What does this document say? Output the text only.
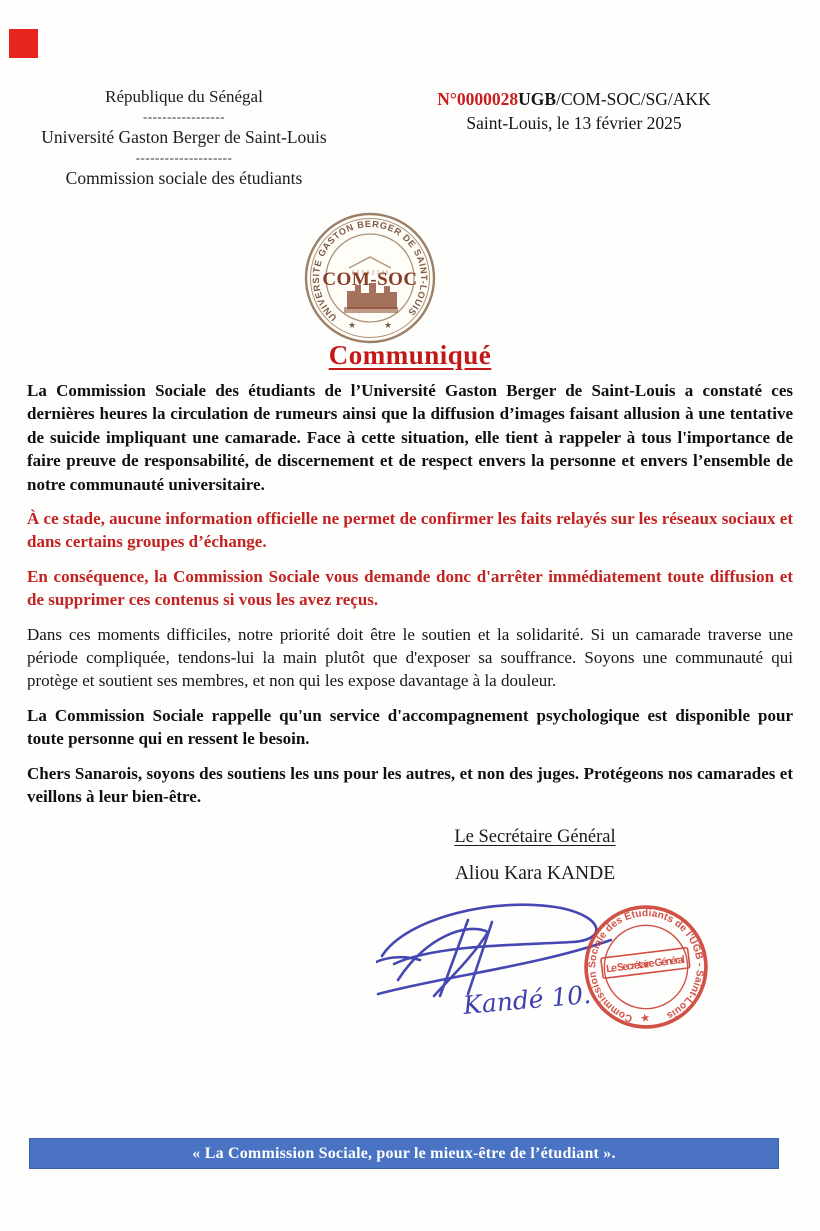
République du Sénégal
-----------------
Université Gaston Berger de Saint-Louis
--------------------
Commission sociale des étudiants
N°0000028UGB/COM-SOC/SG/AKK
Saint-Louis, le 13 février 2025
COM-SOC
UNIVERSITE GASTON BERGER DE SAINT-LOUIS
★	★
Communiqué

La Commission Sociale des étudiants de l’Université Gaston Berger de Saint-Louis a constaté ces dernières heures la circulation de rumeurs ainsi que la diffusion d’images faisant allusion à une tentative de suicide impliquant une camarade. Face à cette situation, elle tient à rappeler à tous l'importance de faire preuve de responsabilité, de discernement et de respect envers la personne et envers l’ensemble de notre communauté universitaire.

À ce stade, aucune information officielle ne permet de confirmer les faits relayés sur les réseaux sociaux et dans certains groupes d’échange.

En conséquence, la Commission Sociale vous demande donc d'arrêter immédiatement toute diffusion et de supprimer ces contenus si vous les avez reçus.

Dans ces moments difficiles, notre priorité doit être le soutien et la solidarité. Si un camarade traverse une période compliquée, tendons-lui la main plutôt que d'exposer sa souffrance. Soyons une communauté qui protège et soutient ses membres, et non qui les expose davantage à la douleur.

La Commission Sociale rappelle qu'un service d'accompagnement psychologique est disponible pour toute personne qui en ressent le besoin.

Chers Sanarois, soyons des soutiens les uns pour les autres, et non des juges. Protégeons nos camarades et veillons à leur bien-être.

Le Secrétaire Général
Aliou Kara KANDE
Kandé 10.	Commission Sociale des Etudiants de l'UGB - Saint-Louis
★
Le Secrétaire Général
« La Commission Sociale, pour le mieux-être de l’étudiant ».
